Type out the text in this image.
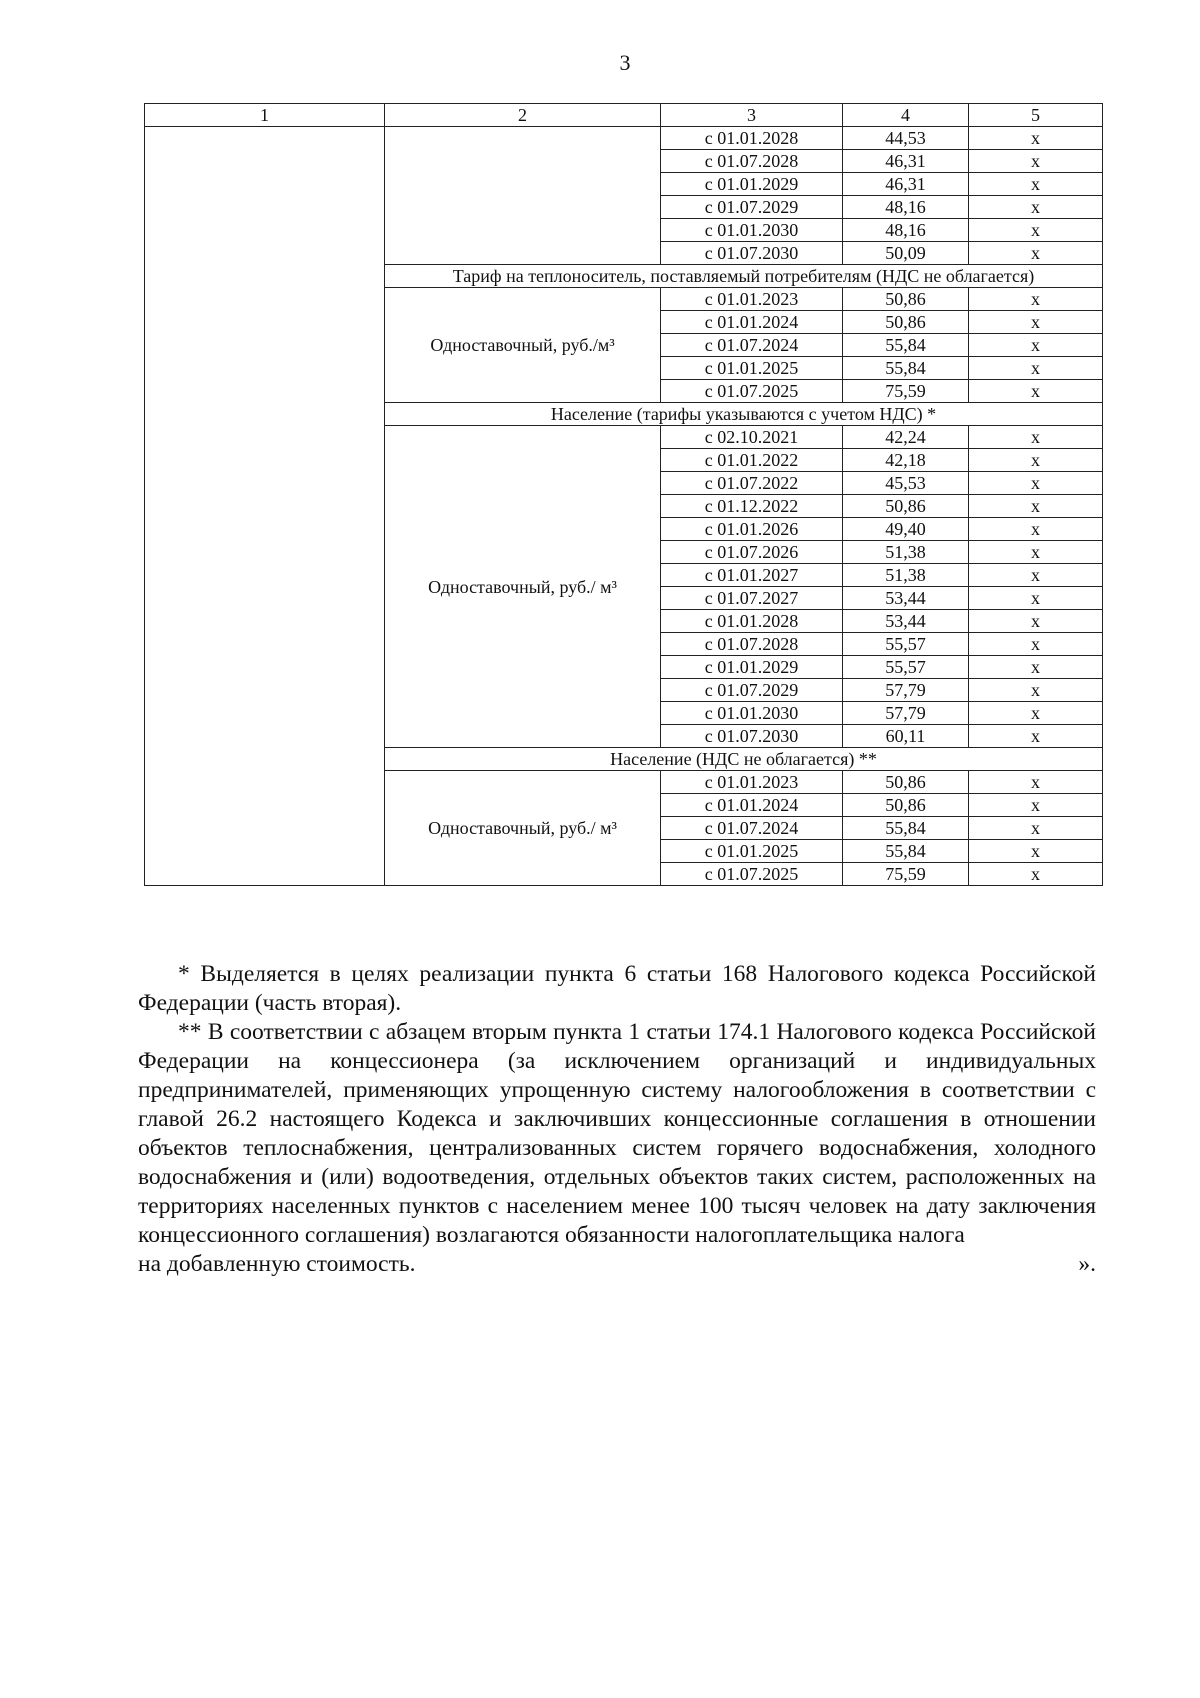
3
1	2	3	4	5
		с 01.01.2028	44,53	х
		с 01.07.2028	46,31	х
		с 01.01.2029	46,31	х
		с 01.07.2029	48,16	х
		с 01.01.2030	48,16	х
		с 01.07.2030	50,09	х
	Тариф на теплоноситель, поставляемый потребителям (НДС не облагается)			
	Одноставочный, руб./м³	с 01.01.2023	50,86	х
		с 01.01.2024	50,86	х
		с 01.07.2024	55,84	х
		с 01.01.2025	55,84	х
		с 01.07.2025	75,59	х
	Население (тарифы указываются с учетом НДС) *			
	Одноставочный, руб./ м³	с 02.10.2021	42,24	х
		с 01.01.2022	42,18	х
		с 01.07.2022	45,53	х
		с 01.12.2022	50,86	х
		с 01.01.2026	49,40	х
		с 01.07.2026	51,38	х
		с 01.01.2027	51,38	х
		с 01.07.2027	53,44	х
		с 01.01.2028	53,44	х
		с 01.07.2028	55,57	х
		с 01.01.2029	55,57	х
		с 01.07.2029	57,79	х
		с 01.01.2030	57,79	х
		с 01.07.2030	60,11	х
	Население (НДС не облагается) **			
	Одноставочный, руб./ м³	с 01.01.2023	50,86	х
		с 01.01.2024	50,86	х
		с 01.07.2024	55,84	х
		с 01.01.2025	55,84	х
		с 01.07.2025	75,59	х

* Выделяется в целях реализации пункта 6 статьи 168 Налогового кодекса Российской Федерации (часть вторая).

** В соответствии с абзацем вторым пункта 1 статьи 174.1 Налогового кодекса Российской Федерации на концессионера (за исключением организаций и индивидуальных предпринимателей, применяющих упрощенную систему налогообложения в соответствии с главой 26.2 настоящего Кодекса и заключивших концессионные соглашения в отношении объектов теплоснабжения, централизованных систем горячего водоснабжения, холодного водоснабжения и (или) водоотведения, отдельных объектов таких систем, расположенных на территориях населенных пунктов с населением менее 100 тысяч человек на дату заключения концессионного соглашения) возлагаются обязанности налогоплательщика налога

на добавленную стоимость.	».
